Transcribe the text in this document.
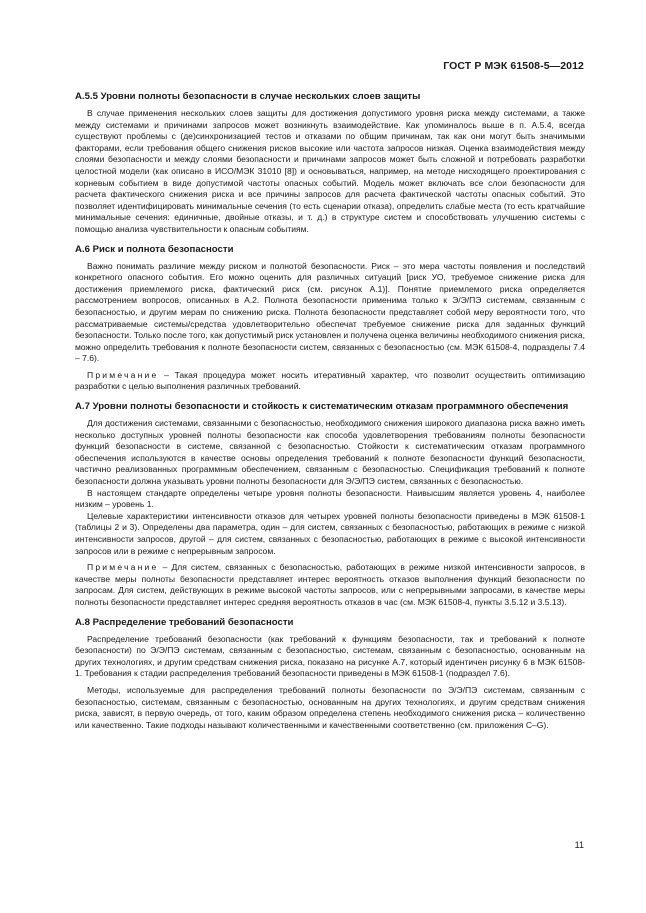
ГОСТ Р МЭК 61508-5—2012
А.5.5 Уровни полноты безопасности в случае нескольких слоев защиты

В случае применения нескольких слоев защиты для достижения допустимого уровня риска между системами, а также между системами и причинами запросов может возникнуть взаимодействие. Как упоминалось выше в п. А.5.4, всегда существуют проблемы с (де)синхронизацией тестов и отказами по общим причинам, так как они могут быть значимыми факторами, если требования общего снижения рисков высокие или частота запросов низкая. Оценка взаимодействия между слоями безопасности и между слоями безопасности и причинами запросов может быть сложной и потребовать разработки целостной модели (как описано в ИСО/МЭК 31010 [8]) и основываться, например, на методе нисходящего проектирования с корневым событием в виде допустимой частоты опасных событий. Модель может включать все слои безопасности для расчета фактического снижения риска и все причины запросов для расчета фактической частоты опасных событий. Это позволяет идентифицировать минимальные сечения (то есть сценарии отказа), определить слабые места (то есть кратчайшие минимальные сечения: единичные, двойные отказы, и т. д.) в структуре систем и способствовать улучшению системы с помощью анализа чувствительности к опасным событиям.

А.6 Риск и полнота безопасности

Важно понимать различие между риском и полнотой безопасности. Риск – это мера частоты появления и последствий конкретного опасного события. Его можно оценить для различных ситуаций [риск УО, требуемое снижение риска для достижения приемлемого риска, фактический риск (см. рисунок А.1)]. Понятие приемлемого риска определяется рассмотрением вопросов, описанных в А.2. Полнота безопасности применима только к Э/Э/ПЭ системам, связанным с безопасностью, и другим мерам по снижению риска. Полнота безопасности представляет собой меру вероятности того, что рассматриваемые системы/средства удовлетворительно обеспечат требуемое снижение риска для заданных функций безопасности. Только после того, как допустимый риск установлен и получена оценка величины необходимого снижения риска, можно определить требования к полноте безопасности систем, связанных с безопасностью (см. МЭК 61508-4, подразделы 7.4 – 7.6).

Примечание – Такая процедура может носить итеративный характер, что позволит осуществить оптимизацию разработки с целью выполнения различных требований.

А.7 Уровни полноты безопасности и стойкость к систематическим отказам программного обеспечения

Для достижения системами, связанными с безопасностью, необходимого снижения широкого диапазона риска важно иметь несколько доступных уровней полноты безопасности как способа удовлетворения требованиям полноты безопасности функций безопасности в системе, связанной с безопасностью. Стойкости к систематическим отказам программного обеспечения используются в качестве основы определения требований к полноте безопасности функций безопасности, частично реализованных программным обеспечением, связанным с безопасностью. Спецификация требований к полноте безопасности должна указывать уровни полноты безопасности для Э/Э/ПЭ систем, связанных с безопасностью.

В настоящем стандарте определены четыре уровня полноты безопасности. Наивысшим является уровень 4, наиболее низким – уровень 1.

Целевые характеристики интенсивности отказов для четырех уровней полноты безопасности приведены в МЭК 61508-1 (таблицы 2 и 3). Определены два параметра, один – для систем, связанных с безопасностью, работающих в режиме с низкой интенсивности запросов, другой – для систем, связанных с безопасностью, работающих в режиме с высокой интенсивности запросов или в режиме с непрерывным запросом.

Примечание – Для систем, связанных с безопасностью, работающих в режиме низкой интенсивности запросов, в качестве меры полноты безопасности представляет интерес вероятность отказов выполнения функций безопасности по запросам. Для систем, действующих в режиме высокой частоты запросов, или с непрерывными запросами, в качестве меры полноты безопасности представляет интерес средняя вероятность отказов в час (см. МЭК 61508-4, пункты 3.5.12 и 3.5.13).

А.8 Распределение требований безопасности

Распределение требований безопасности (как требований к функциям безопасности, так и требований к полноте безопасности) по Э/Э/ПЭ системам, связанным с безопасностью, системам, связанным с безопасностью, основанным на других технологиях, и другим средствам снижения риска, показано на рисунке А.7, который идентичен рисунку 6 в МЭК 61508-1. Требования к стадии распределения требований безопасности приведены в МЭК 61508-1 (подраздел 7.6).

Методы, используемые для распределения требований полноты безопасности по Э/Э/ПЭ системам, связанным с безопасностью, системам, связанным с безопасностью, основанным на других технологиях, и другим средствам снижения риска, зависят, в первую очередь, от того, каким образом определена степень необходимого снижения риска – количественно или качественно. Такие подходы называют количественными и качественными соответственно (см. приложения С–G).

11
